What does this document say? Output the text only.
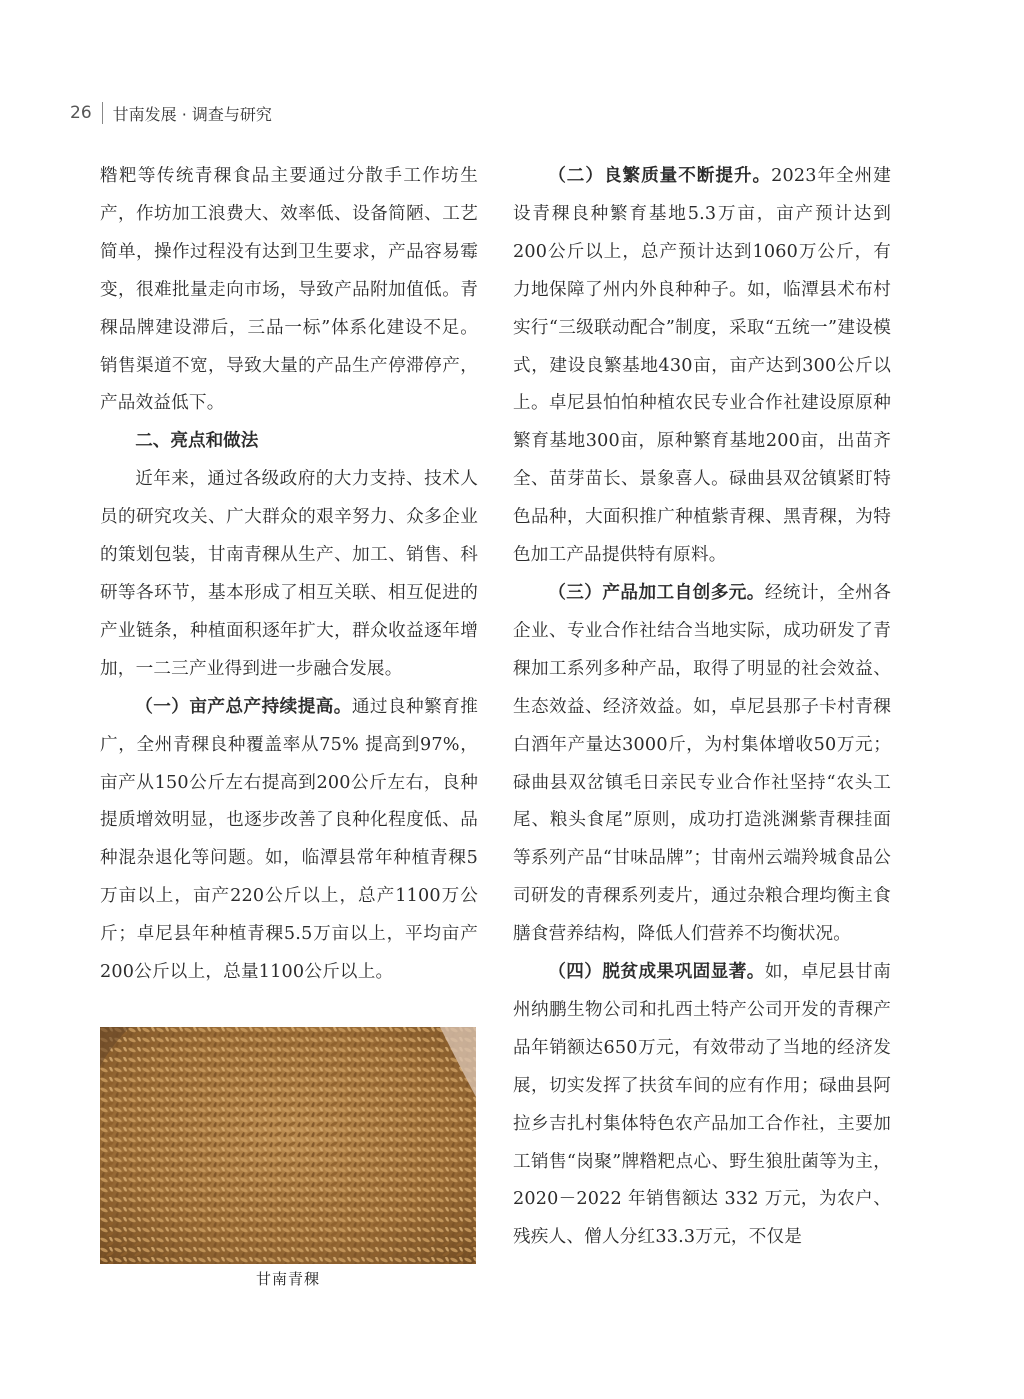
26 甘南发展 · 调查与研究

糌粑等传统青稞食品主要通过分散手工作坊生产，作坊加工浪费大、效率低、设备简陋、工艺简单，操作过程没有达到卫生要求，产品容易霉变，很难批量走向市场，导致产品附加值低。青稞品牌建设滞后，三品一标”体系化建设不足。销售渠道不宽，导致大量的产品生产停滞停产，产品效益低下。

二、亮点和做法

近年来，通过各级政府的大力支持、技术人员的研究攻关、广大群众的艰辛努力、众多企业的策划包装，甘南青稞从生产、加工、销售、科研等各环节，基本形成了相互关联、相互促进的产业链条，种植面积逐年扩大，群众收益逐年增加，一二三产业得到进一步融合发展。

（一）亩产总产持续提高。通过良种繁育推广，全州青稞良种覆盖率从75% 提高到97%，亩产从150公斤左右提高到200公斤左右，良种提质增效明显，也逐步改善了良种化程度低、品种混杂退化等问题。如，临潭县常年种植青稞5万亩以上，亩产220公斤以上，总产1100万公斤；卓尼县年种植青稞5.5万亩以上，平均亩产200公斤以上，总量1100公斤以上。

甘南青稞

（二）良繁质量不断提升。2023年全州建设青稞良种繁育基地5.3万亩，亩产预计达到200公斤以上，总产预计达到1060万公斤，有力地保障了州内外良种种子。如，临潭县术布村实行“三级联动配合”制度，采取“五统一”建设模式，建设良繁基地430亩，亩产达到300公斤以上。卓尼县怕怕种植农民专业合作社建设原原种繁育基地300亩，原种繁育基地200亩，出苗齐全、苗芽苗长、景象喜人。碌曲县双岔镇紧盯特色品种，大面积推广种植紫青稞、黑青稞，为特色加工产品提供特有原料。

（三）产品加工自创多元。经统计，全州各企业、专业合作社结合当地实际，成功研发了青稞加工系列多种产品，取得了明显的社会效益、生态效益、经济效益。如，卓尼县那子卡村青稞白酒年产量达3000斤，为村集体增收50万元；碌曲县双岔镇毛日亲民专业合作社坚持“农头工尾、粮头食尾”原则，成功打造洮渊紫青稞挂面等系列产品“甘味品牌”；甘南州云端羚城食品公司研发的青稞系列麦片，通过杂粮合理均衡主食膳食营养结构，降低人们营养不均衡状况。

（四）脱贫成果巩固显著。如，卓尼县甘南州纳鹏生物公司和扎西土特产公司开发的青稞产品年销额达650万元，有效带动了当地的经济发展，切实发挥了扶贫车间的应有作用；碌曲县阿拉乡吉扎村集体特色农产品加工合作社，主要加工销售“岗聚”牌糌粑点心、野生狼肚菌等为主，2020－2022 年销售额达 332 万元，为农户、残疾人、僧人分红33.3万元，不仅是
